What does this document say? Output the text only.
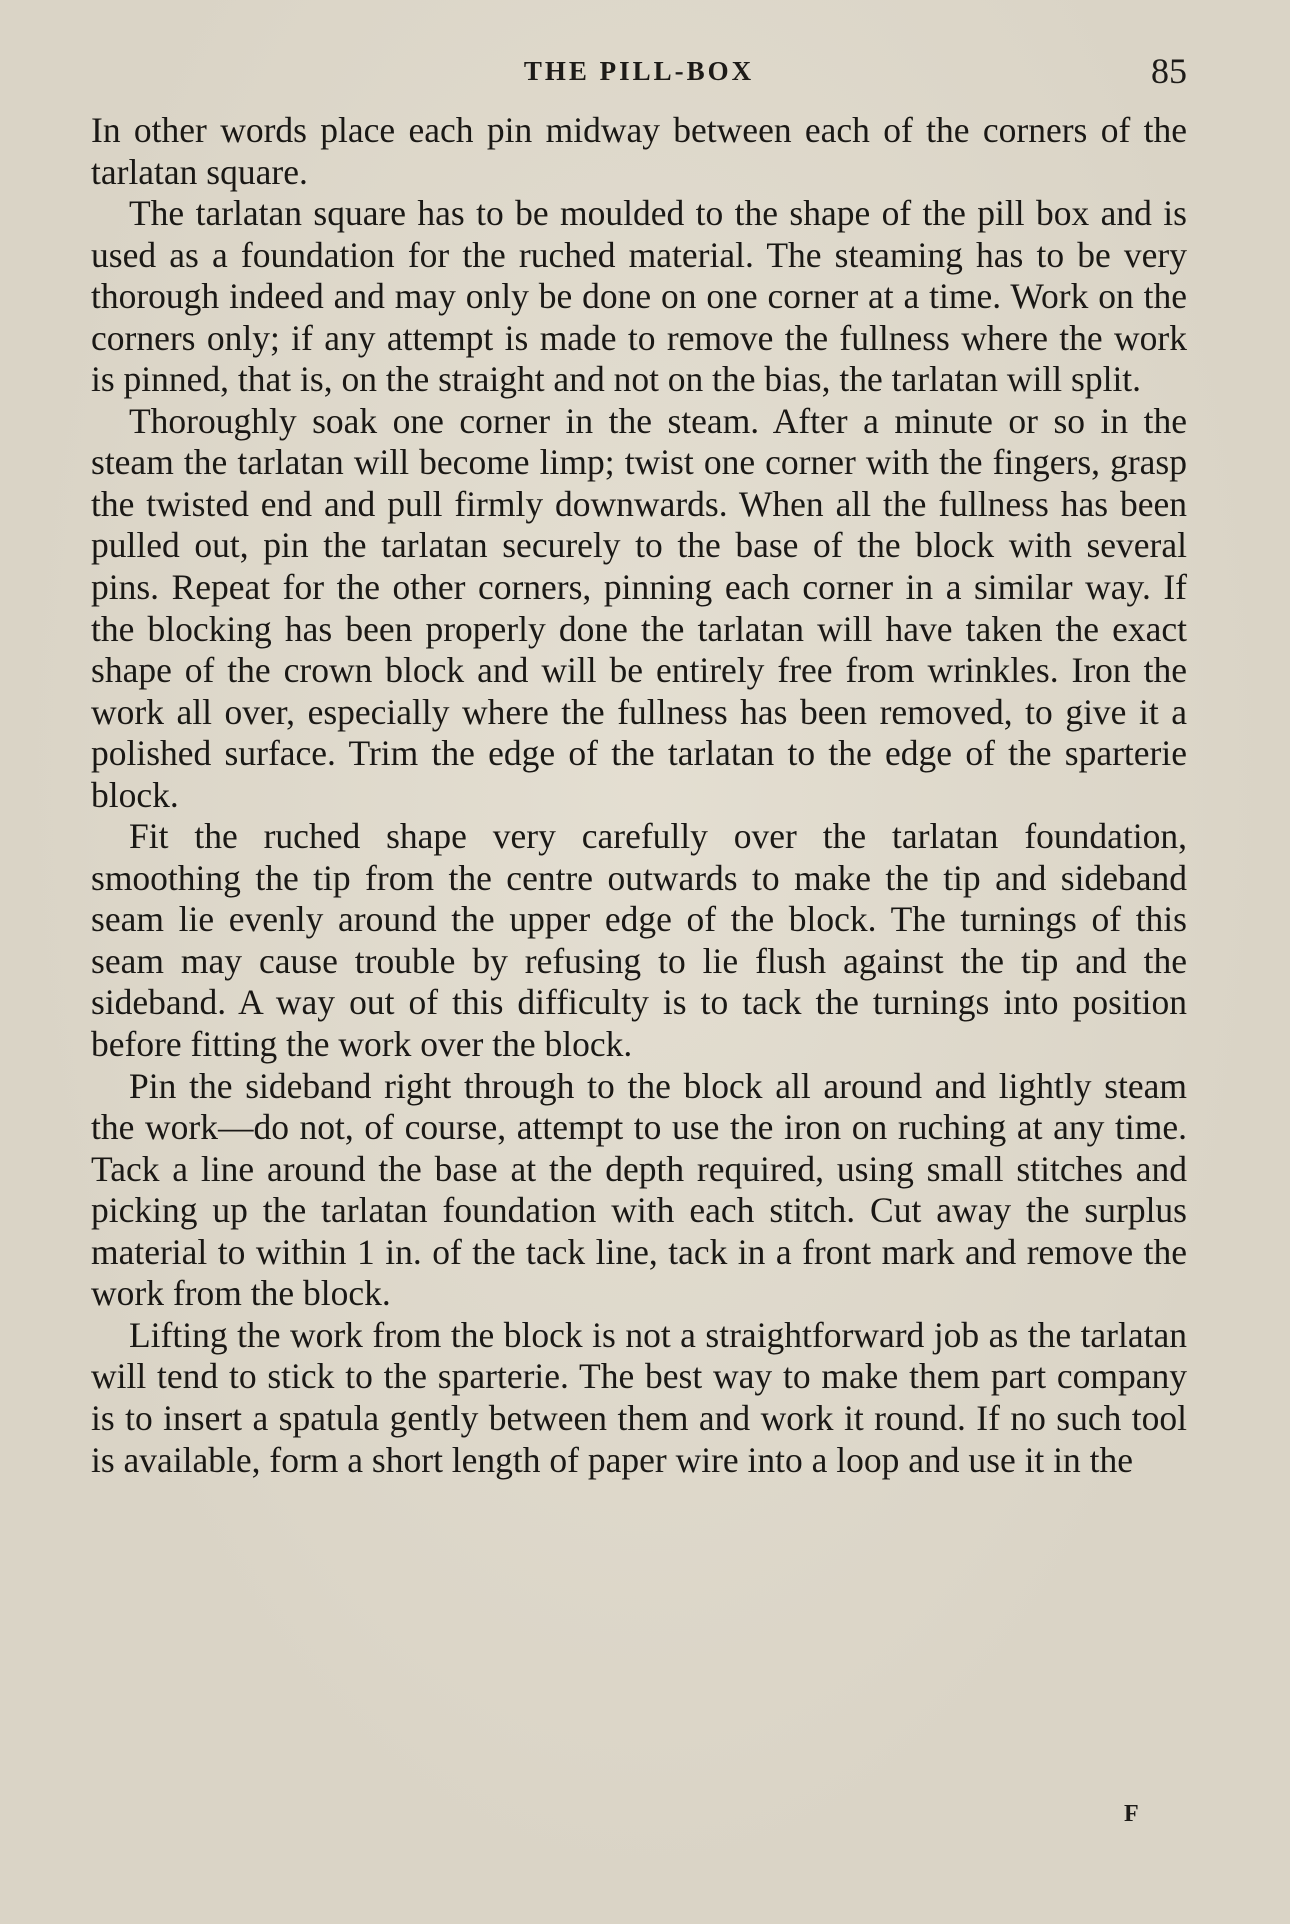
THE PILL-BOX	85

In other words place each pin midway between each of the corners of the tarlatan square.

The tarlatan square has to be moulded to the shape of the pill box and is used as a foundation for the ruched material. The steaming has to be very thorough indeed and may only be done on one corner at a time. Work on the corners only; if any attempt is made to remove the fullness where the work is pinned, that is, on the straight and not on the bias, the tarlatan will split.

Thoroughly soak one corner in the steam. After a minute or so in the steam the tarlatan will become limp; twist one corner with the fingers, grasp the twisted end and pull firmly downwards. When all the fullness has been pulled out, pin the tarlatan securely to the base of the block with several pins. Repeat for the other corners, pinning each corner in a similar way. If the blocking has been properly done the tarlatan will have taken the exact shape of the crown block and will be entirely free from wrinkles. Iron the work all over, especially where the fullness has been removed, to give it a polished surface. Trim the edge of the tarlatan to the edge of the sparterie block.

Fit the ruched shape very carefully over the tarlatan foundation, smoothing the tip from the centre outwards to make the tip and sideband seam lie evenly around the upper edge of the block. The turnings of this seam may cause trouble by refusing to lie flush against the tip and the sideband. A way out of this difficulty is to tack the turnings into position before fitting the work over the block.

Pin the sideband right through to the block all around and lightly steam the work—do not, of course, attempt to use the iron on ruching at any time. Tack a line around the base at the depth required, using small stitches and picking up the tarlatan foundation with each stitch. Cut away the surplus material to within 1 in. of the tack line, tack in a front mark and remove the work from the block.

Lifting the work from the block is not a straightforward job as the tarlatan will tend to stick to the sparterie. The best way to make them part company is to insert a spatula gently between them and work it round. If no such tool is available, form a short length of paper wire into a loop and use it in the

F
